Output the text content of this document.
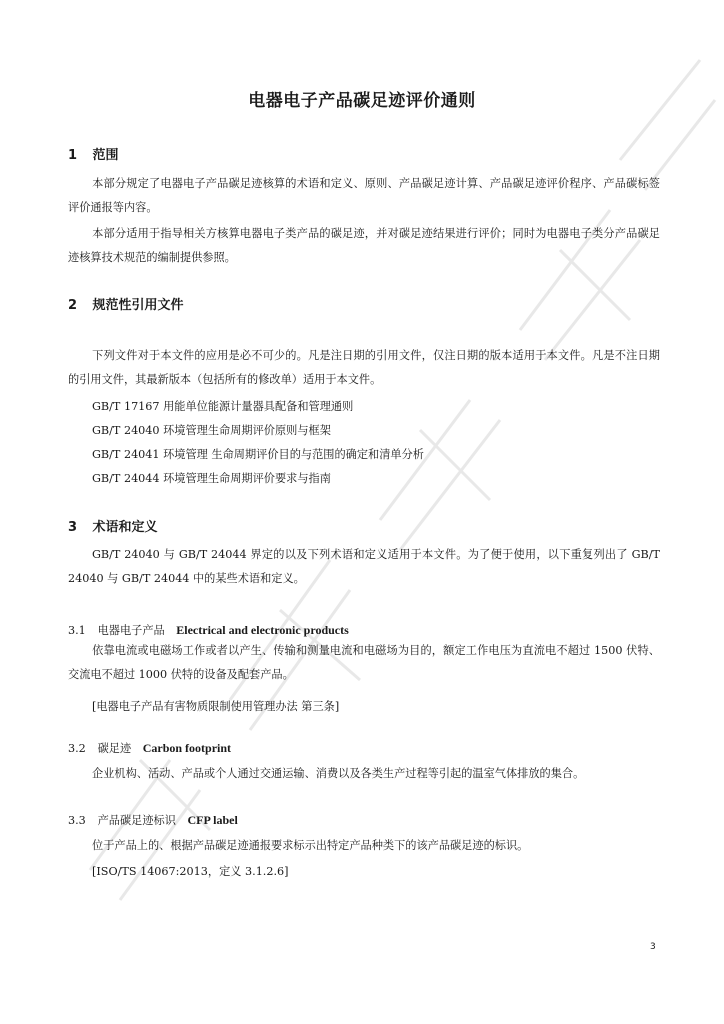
电器电子产品碳足迹评价通则
1 范围
本部分规定了电器电子产品碳足迹核算的术语和定义、原则、产品碳足迹计算、产品碳足迹评价程序、产品碳标签评价通报等内容。
本部分适用于指导相关方核算电器电子类产品的碳足迹，并对碳足迹结果进行评价；同时为电器电子类分产品碳足迹核算技术规范的编制提供参照。
2 规范性引用文件
下列文件对于本文件的应用是必不可少的。凡是注日期的引用文件，仅注日期的版本适用于本文件。凡是不注日期的引用文件，其最新版本（包括所有的修改单）适用于本文件。
GB/T 17167 用能单位能源计量器具配备和管理通则
GB/T 24040 环境管理生命周期评价原则与框架
GB/T 24041 环境管理 生命周期评价目的与范围的确定和清单分析
GB/T 24044 环境管理生命周期评价要求与指南
3 术语和定义
GB/T 24040 与 GB/T 24044 界定的以及下列术语和定义适用于本文件。为了便于使用，以下重复列出了 GB/T 24040 与 GB/T 24044 中的某些术语和定义。
3.1 电器电子产品 Electrical and electronic products
依靠电流或电磁场工作或者以产生、传输和测量电流和电磁场为目的，额定工作电压为直流电不超过 1500 伏特、交流电不超过 1000 伏特的设备及配套产品。
[电器电子产品有害物质限制使用管理办法 第三条]
3.2 碳足迹 Carbon footprint
企业机构、活动、产品或个人通过交通运输、消费以及各类生产过程等引起的温室气体排放的集合。
3.3 产品碳足迹标识 CFP label
位于产品上的、根据产品碳足迹通报要求标示出特定产品种类下的该产品碳足迹的标识。
[ISO/TS 14067:2013，定义 3.1.2.6]
3
